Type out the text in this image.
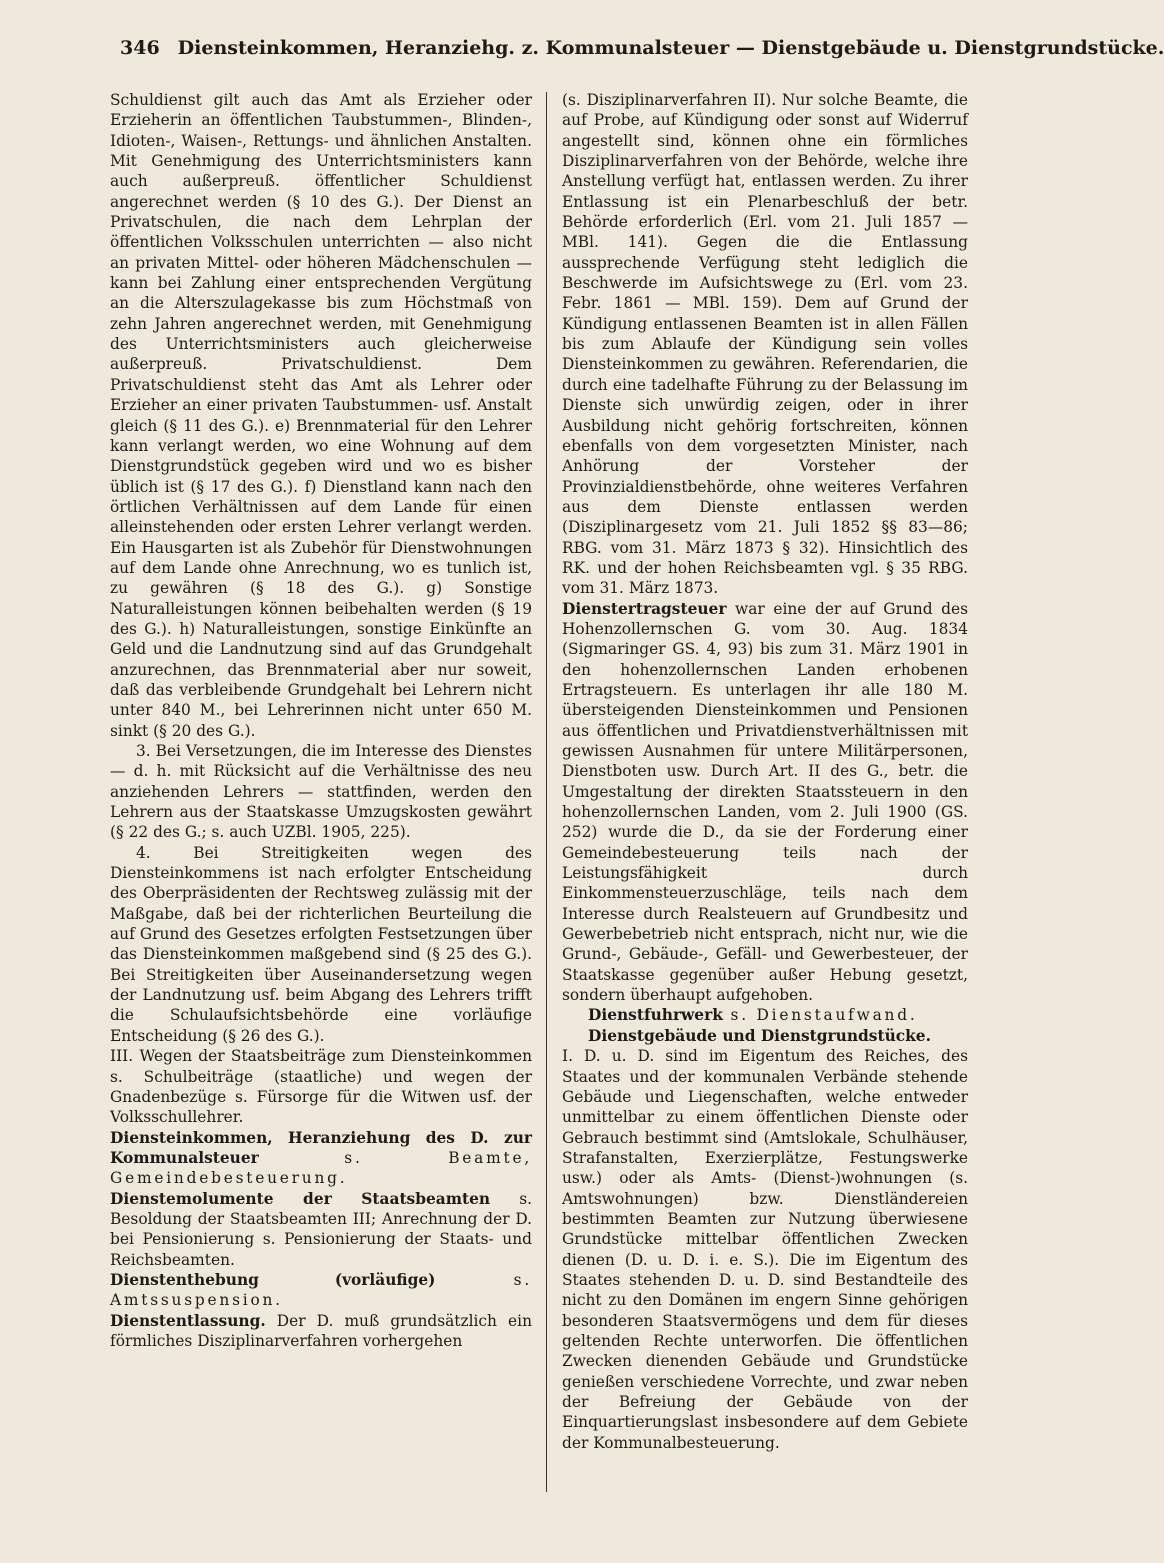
346 Diensteinkommen, Heranziehg. z. Kommunalsteuer — Dienstgebäude u. Dienstgrundstücke.

Schuldienst gilt auch das Amt als Erzieher oder Erzieherin an öffentlichen Taubstummen-, Blinden-, Idioten-, Waisen-, Rettungs- und ähnlichen Anstalten. Mit Genehmigung des Unterrichtsministers kann auch außerpreuß. öffentlicher Schuldienst angerechnet werden (§ 10 des G.). Der Dienst an Privatschulen, die nach dem Lehrplan der öffentlichen Volksschulen unterrichten — also nicht an privaten Mittel- oder höheren Mädchenschulen — kann bei Zahlung einer entsprechenden Vergütung an die Alterszulagekasse bis zum Höchstmaß von zehn Jahren angerechnet werden, mit Genehmigung des Unterrichtsministers auch gleicherweise außerpreuß. Privatschuldienst. Dem Privatschuldienst steht das Amt als Lehrer oder Erzieher an einer privaten Taubstummen- usf. Anstalt gleich (§ 11 des G.). e) Brennmaterial für den Lehrer kann verlangt werden, wo eine Wohnung auf dem Dienstgrundstück gegeben wird und wo es bisher üblich ist (§ 17 des G.). f) Dienstland kann nach den örtlichen Verhältnissen auf dem Lande für einen alleinstehenden oder ersten Lehrer verlangt werden. Ein Hausgarten ist als Zubehör für Dienstwohnungen auf dem Lande ohne Anrechnung, wo es tunlich ist, zu gewähren (§ 18 des G.). g) Sonstige Naturalleistungen können beibehalten werden (§ 19 des G.). h) Naturalleistungen, sonstige Einkünfte an Geld und die Landnutzung sind auf das Grundgehalt anzurechnen, das Brennmaterial aber nur soweit, daß das verbleibende Grundgehalt bei Lehrern nicht unter 840 M., bei Lehrerinnen nicht unter 650 M. sinkt (§ 20 des G.).

3. Bei Versetzungen, die im Interesse des Dienstes — d. h. mit Rücksicht auf die Verhältnisse des neu anziehenden Lehrers — stattfinden, werden den Lehrern aus der Staatskasse Umzugskosten gewährt (§ 22 des G.; s. auch UZBl. 1905, 225).

4. Bei Streitigkeiten wegen des Diensteinkommens ist nach erfolgter Entscheidung des Oberpräsidenten der Rechtsweg zulässig mit der Maßgabe, daß bei der richterlichen Beurteilung die auf Grund des Gesetzes erfolgten Festsetzungen über das Diensteinkommen maßgebend sind (§ 25 des G.). Bei Streitigkeiten über Auseinandersetzung wegen der Landnutzung usf. beim Abgang des Lehrers trifft die Schulaufsichtsbehörde eine vorläufige Entscheidung (§ 26 des G.).

III. Wegen der Staatsbeiträge zum Diensteinkommen s. Schulbeiträge (staatliche) und wegen der Gnadenbezüge s. Fürsorge für die Witwen usf. der Volksschullehrer.

Diensteinkommen, Heranziehung des D. zur Kommunalsteuer s. Beamte, Gemeindebesteuerung.

Dienstemolumente der Staatsbeamten s. Besoldung der Staatsbeamten III; Anrechnung der D. bei Pensionierung s. Pensionierung der Staats- und Reichsbeamten.

Dienstenthebung (vorläufige) s. Amtssuspension.

Dienstentlassung. Der D. muß grundsätzlich ein förmliches Disziplinarverfahren vorhergehen

(s. Disziplinarverfahren II). Nur solche Beamte, die auf Probe, auf Kündigung oder sonst auf Widerruf angestellt sind, können ohne ein förmliches Disziplinarverfahren von der Behörde, welche ihre Anstellung verfügt hat, entlassen werden. Zu ihrer Entlassung ist ein Plenarbeschluß der betr. Behörde erforderlich (Erl. vom 21. Juli 1857 — MBl. 141). Gegen die die Entlassung aussprechende Verfügung steht lediglich die Beschwerde im Aufsichtswege zu (Erl. vom 23. Febr. 1861 — MBl. 159). Dem auf Grund der Kündigung entlassenen Beamten ist in allen Fällen bis zum Ablaufe der Kündigung sein volles Diensteinkommen zu gewähren. Referendarien, die durch eine tadelhafte Führung zu der Belassung im Dienste sich unwürdig zeigen, oder in ihrer Ausbildung nicht gehörig fortschreiten, können ebenfalls von dem vorgesetzten Minister, nach Anhörung der Vorsteher der Provinzialdienstbehörde, ohne weiteres Verfahren aus dem Dienste entlassen werden (Disziplinargesetz vom 21. Juli 1852 §§ 83—86; RBG. vom 31. März 1873 § 32). Hinsichtlich des RK. und der hohen Reichsbeamten vgl. § 35 RBG. vom 31. März 1873.

Dienstertragsteuer war eine der auf Grund des Hohenzollernschen G. vom 30. Aug. 1834 (Sigmaringer GS. 4, 93) bis zum 31. März 1901 in den hohenzollernschen Landen erhobenen Ertragsteuern. Es unterlagen ihr alle 180 M. übersteigenden Diensteinkommen und Pensionen aus öffentlichen und Privatdienstverhältnissen mit gewissen Ausnahmen für untere Militärpersonen, Dienstboten usw. Durch Art. II des G., betr. die Umgestaltung der direkten Staatssteuern in den hohenzollernschen Landen, vom 2. Juli 1900 (GS. 252) wurde die D., da sie der Forderung einer Gemeindebesteuerung teils nach der Leistungsfähigkeit durch Einkommensteuerzuschläge, teils nach dem Interesse durch Realsteuern auf Grundbesitz und Gewerbebetrieb nicht entsprach, nicht nur, wie die Grund-, Gebäude-, Gefäll- und Gewerbesteuer, der Staatskasse gegenüber außer Hebung gesetzt, sondern überhaupt aufgehoben.

Dienstfuhrwerk s. Dienstaufwand.

Dienstgebäude und Dienstgrundstücke.

I. D. u. D. sind im Eigentum des Reiches, des Staates und der kommunalen Verbände stehende Gebäude und Liegenschaften, welche entweder unmittelbar zu einem öffentlichen Dienste oder Gebrauch bestimmt sind (Amtslokale, Schulhäuser, Strafanstalten, Exerzierplätze, Festungswerke usw.) oder als Amts- (Dienst-)wohnungen (s. Amtswohnungen) bzw. Dienstländereien bestimmten Beamten zur Nutzung überwiesene Grundstücke mittelbar öffentlichen Zwecken dienen (D. u. D. i. e. S.). Die im Eigentum des Staates stehenden D. u. D. sind Bestandteile des nicht zu den Domänen im engern Sinne gehörigen besonderen Staatsvermögens und dem für dieses geltenden Rechte unterworfen. Die öffentlichen Zwecken dienenden Gebäude und Grundstücke genießen verschiedene Vorrechte, und zwar neben der Befreiung der Gebäude von der Einquartierungslast insbesondere auf dem Gebiete der Kommunalbesteuerung.
